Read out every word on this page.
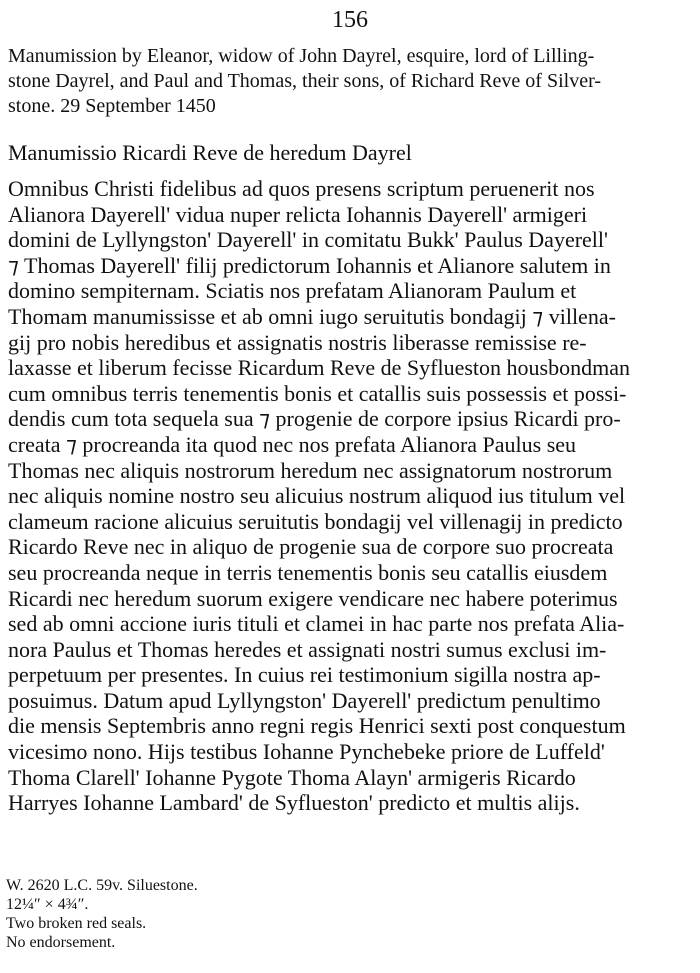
156

Manumission by Eleanor, widow of John Dayrel, esquire, lord of Lilling-
stone Dayrel, and Paul and Thomas, their sons, of Richard Reve of Silver-
stone. 29 September 1450

Manumissio Ricardi Reve de heredum Dayrel

Omnibus Christi fidelibus ad quos presens scriptum peruenerit nos
Alianora Dayerell' vidua nuper relicta Iohannis Dayerell' armigeri
domini de Lyllyngston' Dayerell' in comitatu Bukk' Paulus Dayerell'
⁊ Thomas Dayerell' filij predictorum Iohannis et Alianore salutem in
domino sempiternam. Sciatis nos prefatam Alianoram Paulum et
Thomam manumississe et ab omni iugo seruitutis bondagij ⁊ villena-
gij pro nobis heredibus et assignatis nostris liberasse remissise re-
laxasse et liberum fecisse Ricardum Reve de Syflueston housbondman
cum omnibus terris tenementis bonis et catallis suis possessis et possi-
dendis cum tota sequela sua ⁊ progenie de corpore ipsius Ricardi pro-
creata ⁊ procreanda ita quod nec nos prefata Alianora Paulus seu
Thomas nec aliquis nostrorum heredum nec assignatorum nostrorum
nec aliquis nomine nostro seu alicuius nostrum aliquod ius titulum vel
clameum racione alicuius seruitutis bondagij vel villenagij in predicto
Ricardo Reve nec in aliquo de progenie sua de corpore suo procreata
seu procreanda neque in terris tenementis bonis seu catallis eiusdem
Ricardi nec heredum suorum exigere vendicare nec habere poterimus
sed ab omni accione iuris tituli et clamei in hac parte nos prefata Alia-
nora Paulus et Thomas heredes et assignati nostri sumus exclusi im-
perpetuum per presentes. In cuius rei testimonium sigilla nostra ap-
posuimus. Datum apud Lyllyngston' Dayerell' predictum penultimo
die mensis Septembris anno regni regis Henrici sexti post conquestum
vicesimo nono. Hijs testibus Iohanne Pynchebeke priore de Luffeld'
Thoma Clarell' Iohanne Pygote Thoma Alayn' armigeris Ricardo
Harryes Iohanne Lambard' de Syflueston' predicto et multis alijs.

W. 2620 L.C. 59v. Siluestone.
12¼″ × 4¾″.
Two broken red seals.
No endorsement.
